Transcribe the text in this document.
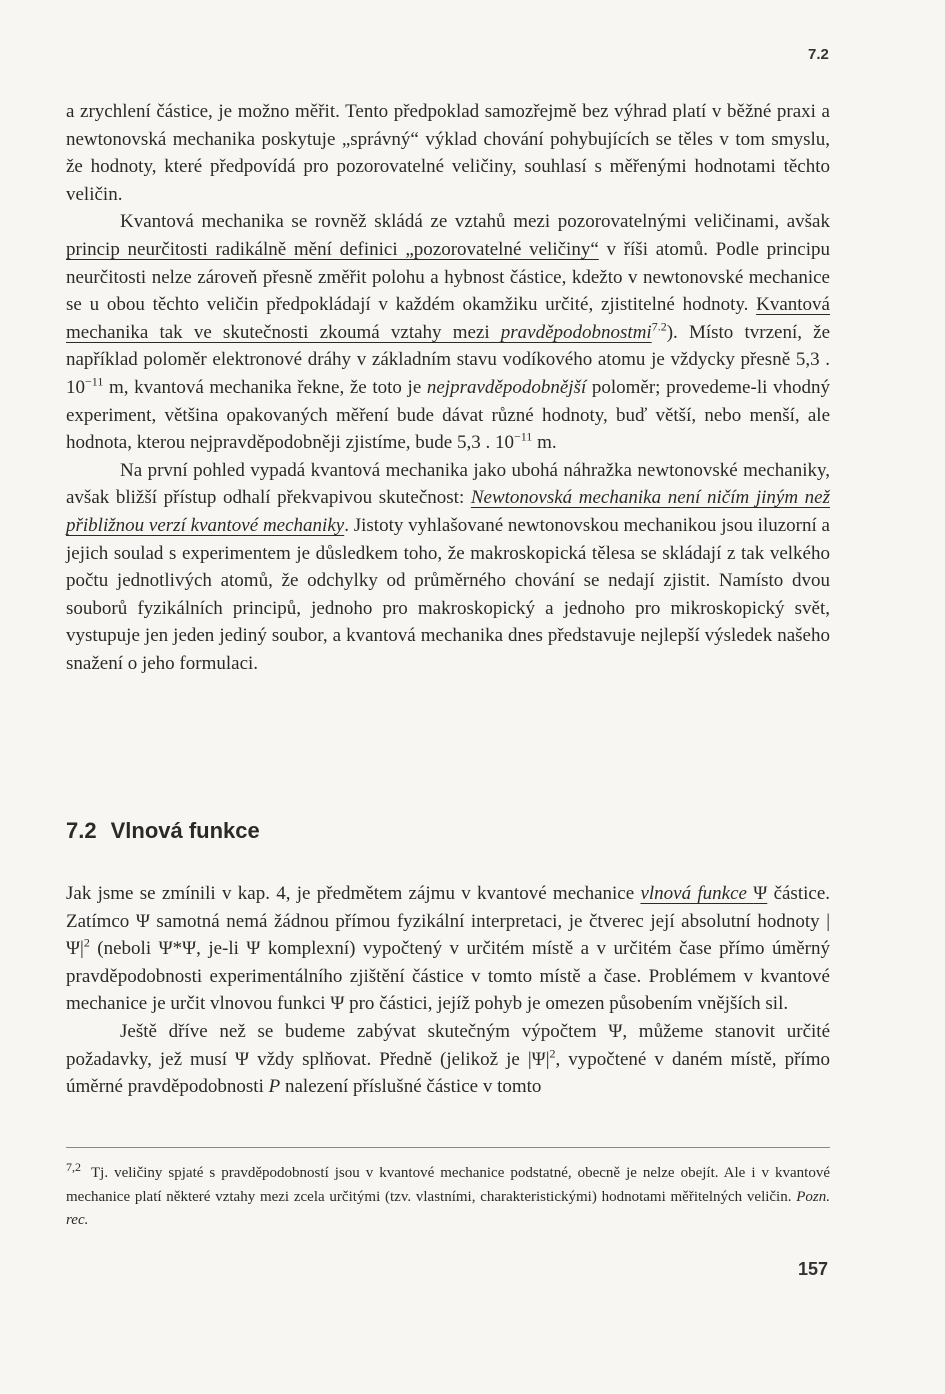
7.2

a zrychlení částice, je možno měřit. Tento předpoklad samozřejmě bez výhrad platí v běžné praxi a newtonovská mechanika poskytuje „správný“ výklad chování pohybujících se těles v tom smyslu, že hodnoty, které předpovídá pro pozorovatelné veličiny, souhlasí s měřenými hodnotami těchto veličin.

Kvantová mechanika se rovněž skládá ze vztahů mezi pozorovatelnými veličinami, avšak princip neurčitosti radikálně mění definici „pozorovatelné veličiny“ v říši atomů. Podle principu neurčitosti nelze zároveň přesně změřit polohu a hybnost částice, kdežto v newtonovské mechanice se u obou těchto veličin předpokládají v každém okamžiku určité, zjistitelné hodnoty. Kvantová mechanika tak ve skutečnosti zkoumá vztahy mezi pravděpodobnostmi$^{7.2}$). Místo tvrzení, že například poloměr elektronové dráhy v základním stavu vodíkového atomu je vždycky přesně 5,3 . $10^{-11}$ m, kvantová mechanika řekne, že toto je nejpravděpodobnější poloměr; provedeme-li vhodný experiment, většina opakovaných měření bude dávat různé hodnoty, buď větší, nebo menší, ale hodnota, kterou nejpravděpodobněji zjistíme, bude 5,3 . $10^{-11}$ m.

Na první pohled vypadá kvantová mechanika jako ubohá náhražka newtonovské mechaniky, avšak bližší přístup odhalí překvapivou skutečnost: Newtonovská mechanika není ničím jiným než přibližnou verzí kvantové mechaniky. Jistoty vyhlašované newtonovskou mechanikou jsou iluzorní a jejich soulad s experimentem je důsledkem toho, že makroskopická tělesa se skládají z tak velkého počtu jednotlivých atomů, že odchylky od průměrného chování se nedají zjistit. Namísto dvou souborů fyzikálních principů, jednoho pro makroskopický a jednoho pro mikroskopický svět, vystupuje jen jeden jediný soubor, a kvantová mechanika dnes představuje nejlepší výsledek našeho snažení o jeho formulaci.

7.2 Vlnová funkce

Jak jsme se zmínili v kap. 4, je předmětem zájmu v kvantové mechanice vlnová funkce Ψ částice. Zatímco Ψ samotná nemá žádnou přímou fyzikální interpretaci, je čtverec její absolutní hodnoty $|\Psi|^2$ (neboli Ψ*Ψ, je-li Ψ komplexní) vypočtený v určitém místě a v určitém čase přímo úměrný pravděpodobnosti experimentálního zjištění částice v tomto místě a čase. Problémem v kvantové mechanice je určit vlnovou funkci Ψ pro částici, jejíž pohyb je omezen působením vnějších sil.

Ještě dříve než se budeme zabývat skutečným výpočtem Ψ, můžeme stanovit určité požadavky, jež musí Ψ vždy splňovat. Předně (jelikož je $|\Psi|^2$, vypočtené v daném místě, přímo úměrné pravděpodobnosti P nalezení příslušné částice v tomto

$^{7,2}$ Tj. veličiny spjaté s pravděpodobností jsou v kvantové mechanice podstatné, obecně je nelze obejít. Ale i v kvantové mechanice platí některé vztahy mezi zcela určitými (tzv. vlastními, charakteristickými) hodnotami měřitelných veličin. Pozn. rec.

157
